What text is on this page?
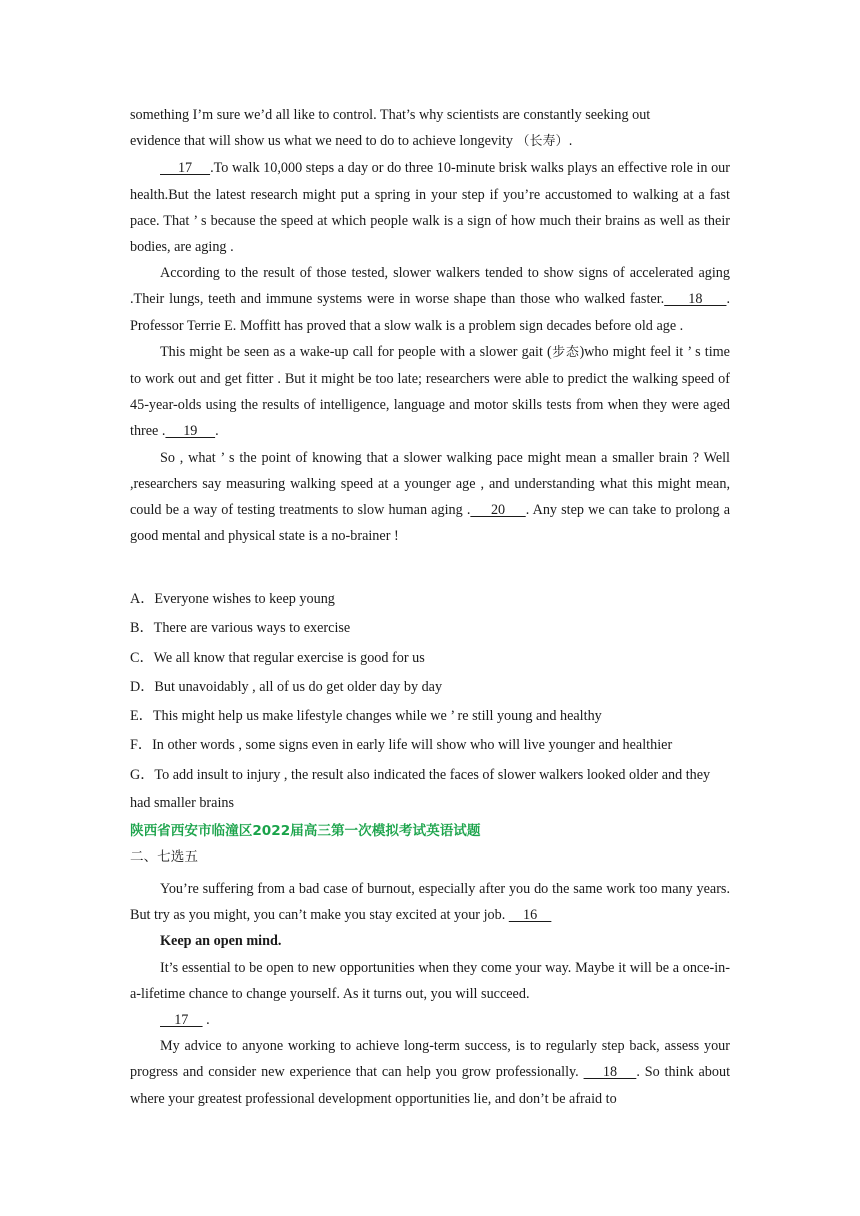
something I’m sure we’d all like to control. That’s why scientists are constantly seeking out
evidence that will show us what we need to do to achieve longevity （长寿）.

17     .To walk 10,000 steps a day or do three 10-minute brisk walks plays an effective role in our health.But the latest research might put a spring in your step if you’re accustomed to walking at a fast pace. That ’ s because the speed at which people walk is a sign of how much their brains as well as their bodies, are aging .

According to the result of those tested, slower walkers tended to show signs of accelerated aging .Their lungs, teeth and immune systems were in worse shape than those who walked faster.     18     . Professor Terrie E. Moffitt has proved that a slow walk is a problem sign decades before old age .

This might be seen as a wake-up call for people with a slower gait (步态)who might feel it ’ s time to work out and get fitter . But it might be too late; researchers were able to predict the walking speed of 45-year-olds using the results of intelligence, language and motor skills tests from when they were aged three .     19     .

So , what ’ s the point of knowing that a slower walking pace might mean a smaller brain ? Well ,researchers say measuring walking speed at a younger age , and understanding what this might mean, could be a way of testing treatments to slow human aging .     20     . Any step we can take to prolong a good mental and physical state is a no-brainer !

A．Everyone wishes to keep young

B．There are various ways to exercise

C．We all know that regular exercise is good for us

D．But unavoidably , all of us do get older day by day

E．This might help us make lifestyle changes while we ’ re still young and healthy

F．In other words , some signs even in early life will show who will live younger and healthier

G．To add insult to injury , the result also indicated the faces of slower walkers looked older and they had smaller brains

陕西省西安市临潼区2022届高三第一次模拟考试英语试题

二、七选五

You’re suffering from a bad case of burnout, especially after you do the same work too many years. But try as you might, you can’t make you stay excited at your job.     16

Keep an open mind.

It’s essential to be open to new opportunities when they come your way. Maybe it will be a once-in-a-lifetime chance to change yourself. As it turns out, you will succeed.

17     .

My advice to anyone working to achieve long-term success, is to regularly step back, assess your progress and consider new experience that can help you grow professionally.     18    . So think about where your greatest professional development opportunities lie, and don’t be afraid to
